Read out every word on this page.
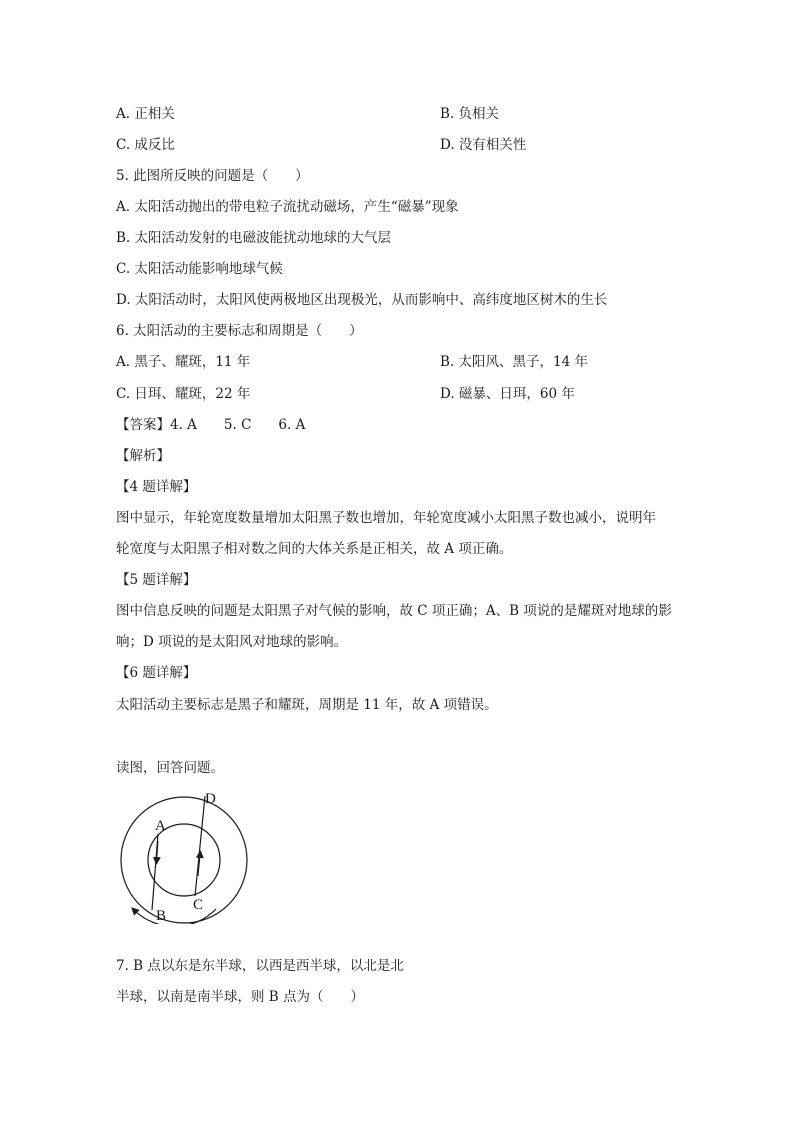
A. 正相关	B. 负相关
C. 成反比	D. 没有相关性
5. 此图所反映的问题是（　　）
A. 太阳活动抛出的带电粒子流扰动磁场，产生“磁暴”现象
B. 太阳活动发射的电磁波能扰动地球的大气层
C. 太阳活动能影响地球气候
D. 太阳活动时，太阳风使两极地区出现极光，从而影响中、高纬度地区树木的生长
6. 太阳活动的主要标志和周期是（　　）
A. 黑子、耀斑，11 年	B. 太阳风、黑子，14 年
C. 日珥、耀斑，22 年	D. 磁暴、日珥，60 年
【答案】4. A　　5. C　　6. A
【解析】
【4 题详解】
图中显示，年轮宽度数量增加太阳黑子数也增加，年轮宽度减小太阳黑子数也减小，说明年
轮宽度与太阳黑子相对数之间的大体关系是正相关，故 A 项正确。
【5 题详解】
图中信息反映的问题是太阳黑子对气候的影响，故 C 项正确；A、B 项说的是耀斑对地球的影
响；D 项说的是太阳风对地球的影响。
【6 题详解】
太阳活动主要标志是黑子和耀斑，周期是 11 年，故 A 项错误。
读图，回答问题。
A
B
C
D
7. B 点以东是东半球，以西是西半球，以北是北
半球，以南是南半球，则 B 点为（　　）
